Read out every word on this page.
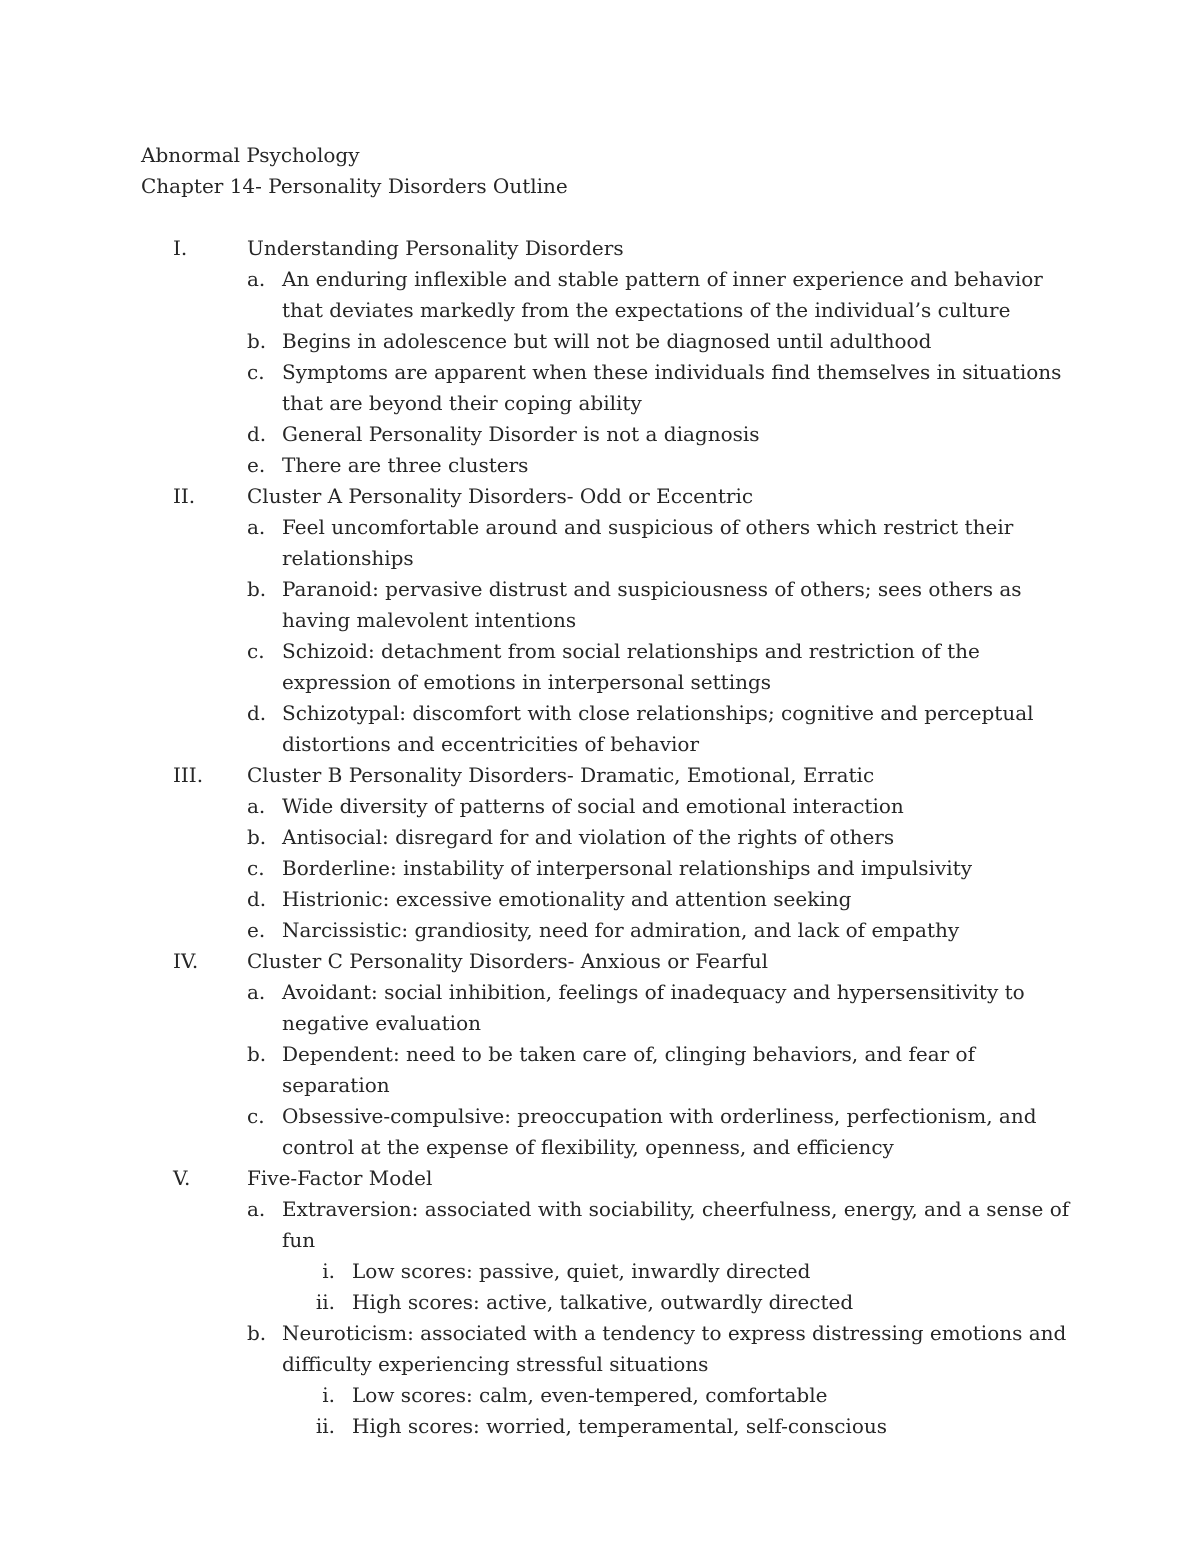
Abnormal Psychology
Chapter 14- Personality Disorders Outline
I.	Understanding Personality Disorders
a. An enduring inflexible and stable pattern of inner experience and behavior that deviates markedly from the expectations of the individual’s culture
b. Begins in adolescence but will not be diagnosed until adulthood
c. Symptoms are apparent when these individuals find themselves in situations that are beyond their coping ability
d. General Personality Disorder is not a diagnosis
e. There are three clusters
II.	Cluster A Personality Disorders- Odd or Eccentric
a. Feel uncomfortable around and suspicious of others which restrict their relationships
b. Paranoid: pervasive distrust and suspiciousness of others; sees others as having malevolent intentions
c. Schizoid: detachment from social relationships and restriction of the expression of emotions in interpersonal settings
d. Schizotypal: discomfort with close relationships; cognitive and perceptual distortions and eccentricities of behavior
III. Cluster B Personality Disorders- Dramatic, Emotional, Erratic
a. Wide diversity of patterns of social and emotional interaction
b. Antisocial: disregard for and violation of the rights of others
c. Borderline: instability of interpersonal relationships and impulsivity
d. Histrionic: excessive emotionality and attention seeking
e. Narcissistic: grandiosity, need for admiration, and lack of empathy
IV. Cluster C Personality Disorders- Anxious or Fearful
a. Avoidant: social inhibition, feelings of inadequacy and hypersensitivity to negative evaluation
b. Dependent: need to be taken care of, clinging behaviors, and fear of separation
c. Obsessive-compulsive: preoccupation with orderliness, perfectionism, and control at the expense of flexibility, openness, and efficiency
V.	Five-Factor Model
a. Extraversion: associated with sociability, cheerfulness, energy, and a sense of fun
i. Low scores: passive, quiet, inwardly directed
ii. High scores: active, talkative, outwardly directed
b. Neuroticism: associated with a tendency to express distressing emotions and difficulty experiencing stressful situations
i. Low scores: calm, even-tempered, comfortable
ii. High scores: worried, temperamental, self-conscious
